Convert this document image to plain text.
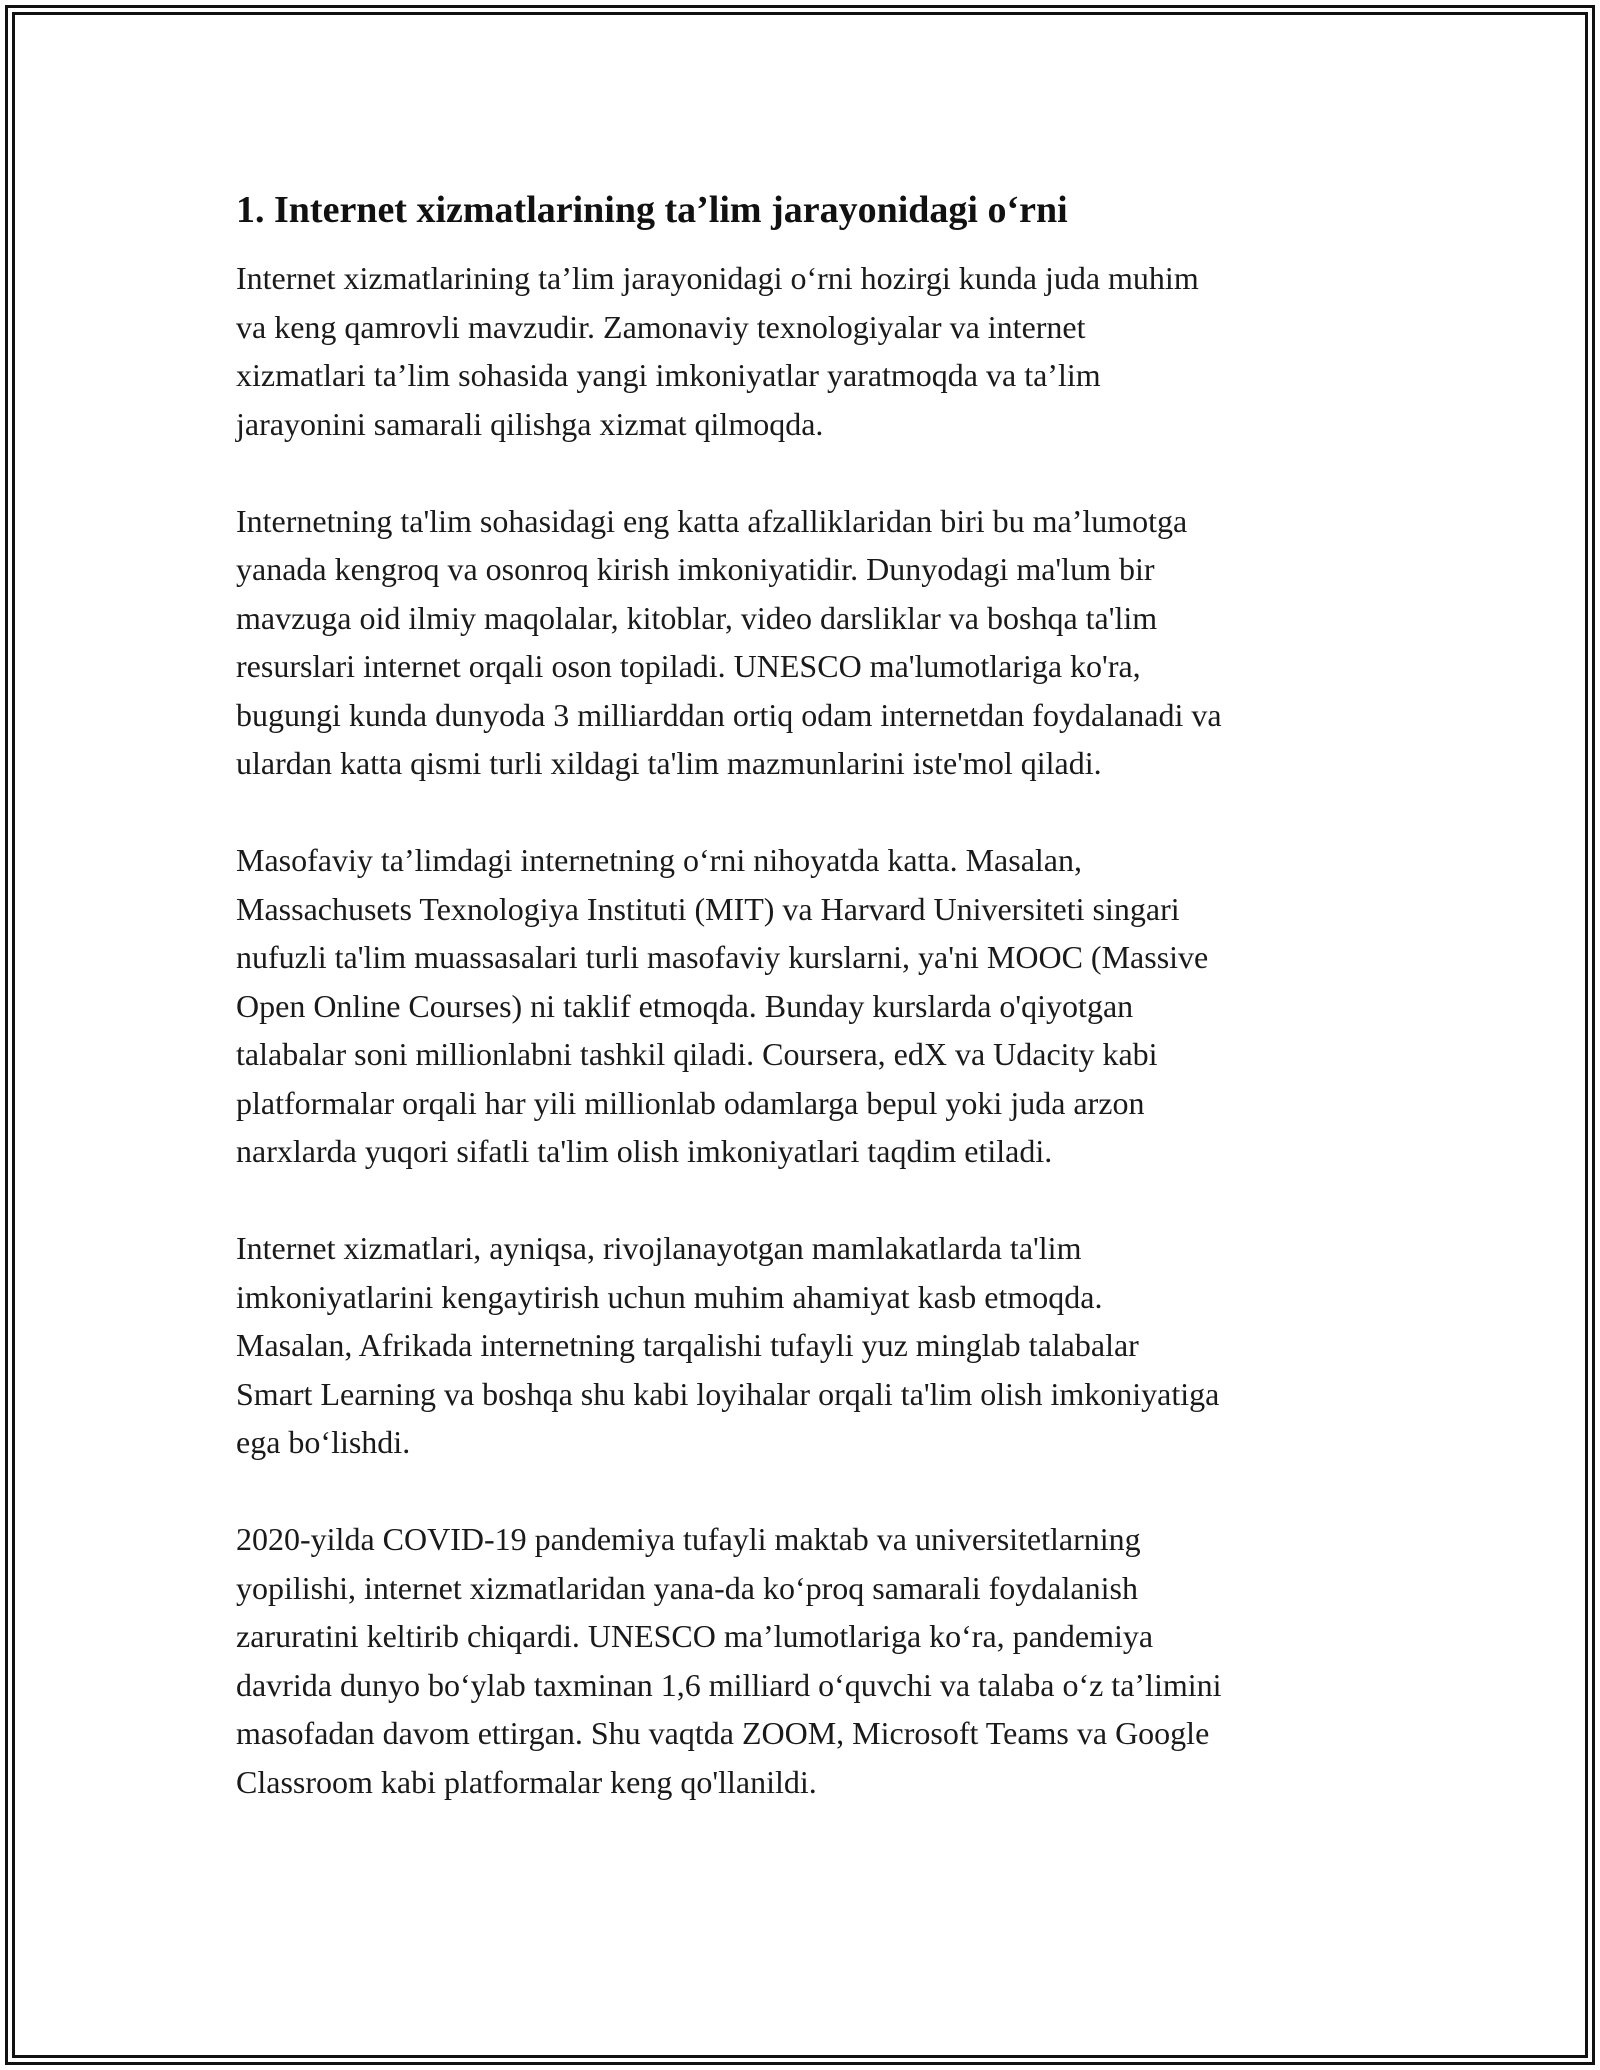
1. Internet xizmatlarining ta’lim jarayonidagi o‘rni

Internet xizmatlarining ta’lim jarayonidagi o‘rni hozirgi kunda juda muhim
va keng qamrovli mavzudir. Zamonaviy texnologiyalar va internet
xizmatlari ta’lim sohasida yangi imkoniyatlar yaratmoqda va ta’lim
jarayonini samarali qilishga xizmat qilmoqda.

Internetning ta'lim sohasidagi eng katta afzalliklaridan biri bu ma’lumotga
yanada kengroq va osonroq kirish imkoniyatidir. Dunyodagi ma'lum bir
mavzuga oid ilmiy maqolalar, kitoblar, video darsliklar va boshqa ta'lim
resurslari internet orqali oson topiladi. UNESCO ma'lumotlariga ko'ra,
bugungi kunda dunyoda 3 milliarddan ortiq odam internetdan foydalanadi va
ulardan katta qismi turli xildagi ta'lim mazmunlarini iste'mol qiladi.

Masofaviy ta’limdagi internetning o‘rni nihoyatda katta. Masalan,
Massachusets Texnologiya Instituti (MIT) va Harvard Universiteti singari
nufuzli ta'lim muassasalari turli masofaviy kurslarni, ya'ni MOOC (Massive
Open Online Courses) ni taklif etmoqda. Bunday kurslarda o'qiyotgan
talabalar soni millionlabni tashkil qiladi. Coursera, edX va Udacity kabi
platformalar orqali har yili millionlab odamlarga bepul yoki juda arzon
narxlarda yuqori sifatli ta'lim olish imkoniyatlari taqdim etiladi.

Internet xizmatlari, ayniqsa, rivojlanayotgan mamlakatlarda ta'lim
imkoniyatlarini kengaytirish uchun muhim ahamiyat kasb etmoqda.
Masalan, Afrikada internetning tarqalishi tufayli yuz minglab talabalar
Smart Learning va boshqa shu kabi loyihalar orqali ta'lim olish imkoniyatiga
ega bo‘lishdi.

2020-yilda COVID-19 pandemiya tufayli maktab va universitetlarning
yopilishi, internet xizmatlaridan yana-da ko‘proq samarali foydalanish
zaruratini keltirib chiqardi. UNESCO ma’lumotlariga ko‘ra, pandemiya
davrida dunyo bo‘ylab taxminan 1,6 milliard o‘quvchi va talaba o‘z ta’limini
masofadan davom ettirgan. Shu vaqtda ZOOM, Microsoft Teams va Google
Classroom kabi platformalar keng qo'llanildi.
